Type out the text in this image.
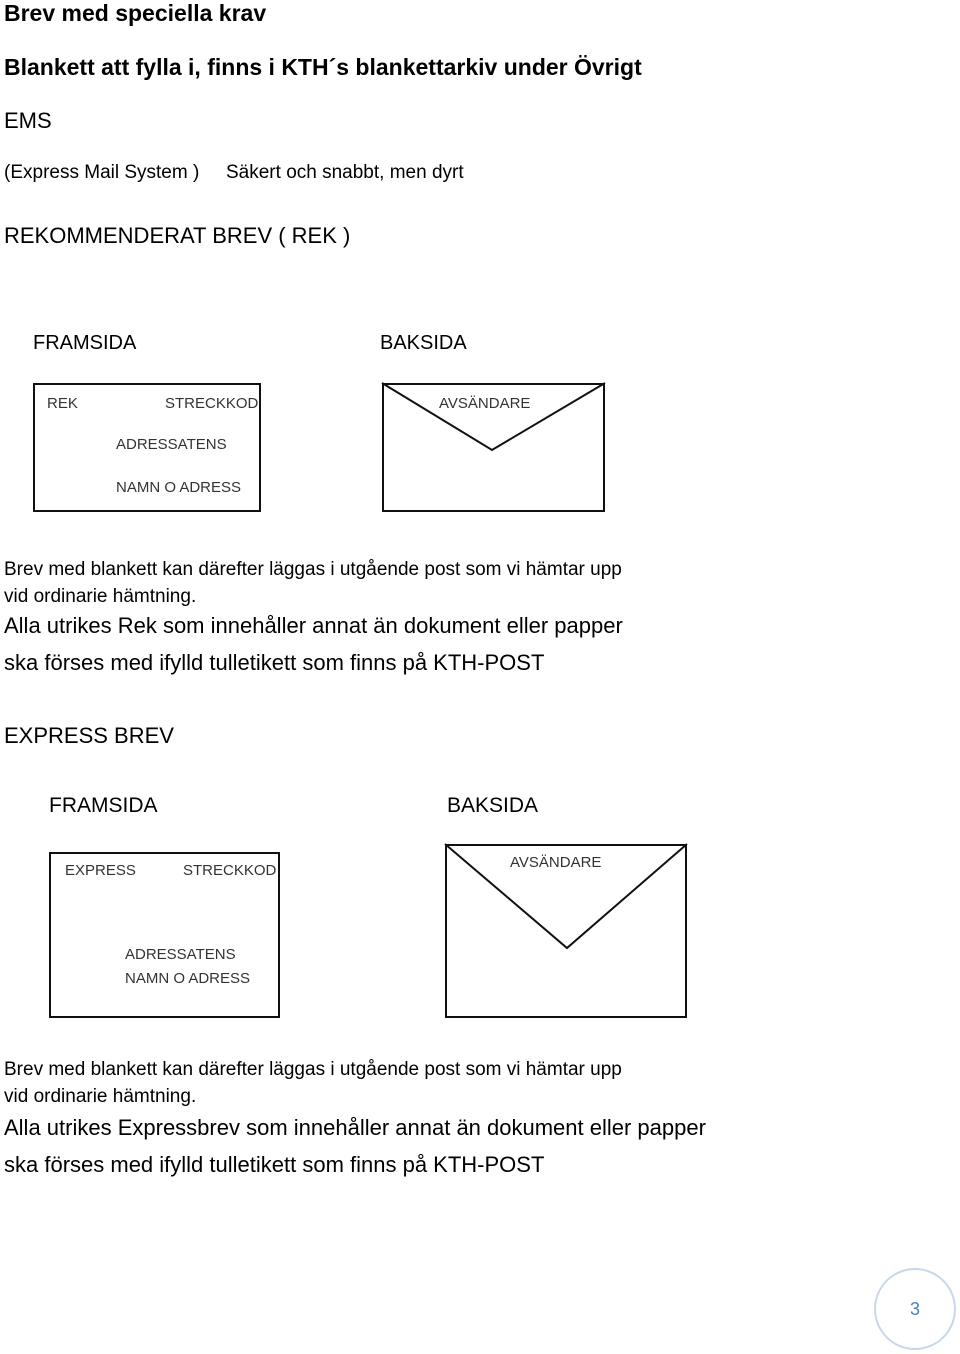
Brev med speciella krav
Blankett att fylla i, finns i KTH´s blankettarkiv under Övrigt
EMS
(Express Mail System ) Säkert och snabbt, men dyrt
REKOMMENDERAT BREV ( REK )
FRAMSIDA	BAKSIDA
REK	STRECKKOD
ADRESSATENS
NAMN O ADRESS
AVSÄNDARE
Brev med blankett kan därefter läggas i utgående post som vi hämtar upp
vid ordinarie hämtning.
Alla utrikes Rek som innehåller annat än dokument eller papper
ska förses med ifylld tulletikett som finns på KTH-POST
EXPRESS BREV
FRAMSIDA	BAKSIDA
EXPRESS	STRECKKOD
ADRESSATENS
NAMN O ADRESS
AVSÄNDARE
Brev med blankett kan därefter läggas i utgående post som vi hämtar upp
vid ordinarie hämtning.
Alla utrikes Expressbrev som innehåller annat än dokument eller papper
ska förses med ifylld tulletikett som finns på KTH-POST
3
